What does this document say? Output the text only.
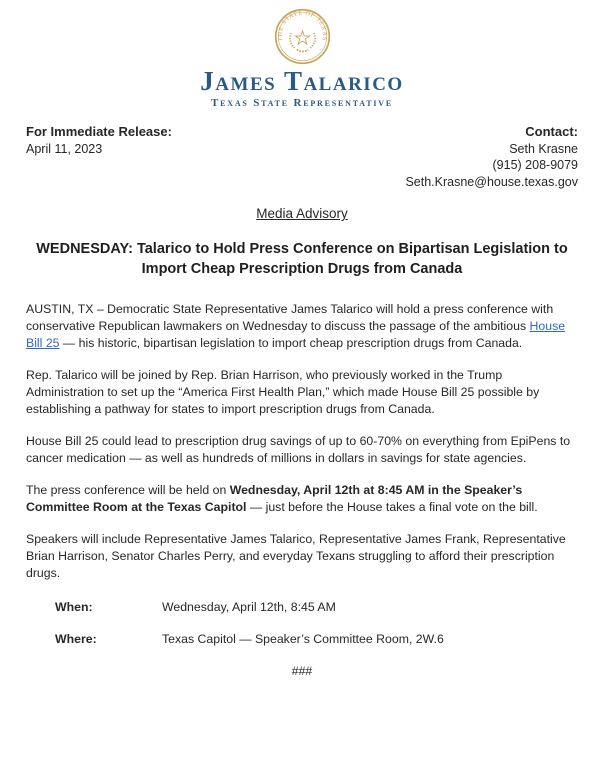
THE STATE OF TEXAS
James Talarico
Texas State Representative
For Immediate Release:
April 11, 2023
Contact:
Seth Krasne
(915) 208-9079
Seth.Krasne@house.texas.gov
Media Advisory
WEDNESDAY: Talarico to Hold Press Conference on Bipartisan Legislation to Import Cheap Prescription Drugs from Canada

AUSTIN, TX – Democratic State Representative James Talarico will hold a press conference with conservative Republican lawmakers on Wednesday to discuss the passage of the ambitious House Bill 25 — his historic, bipartisan legislation to import cheap prescription drugs from Canada.

Rep. Talarico will be joined by Rep. Brian Harrison, who previously worked in the Trump Administration to set up the “America First Health Plan,” which made House Bill 25 possible by establishing a pathway for states to import prescription drugs from Canada.

House Bill 25 could lead to prescription drug savings of up to 60-70% on everything from EpiPens to cancer medication — as well as hundreds of millions in dollars in savings for state agencies.

The press conference will be held on Wednesday, April 12th at 8:45 AM in the Speaker’s Committee Room at the Texas Capitol — just before the House takes a final vote on the bill.

Speakers will include Representative James Talarico, Representative James Frank, Representative Brian Harrison, Senator Charles Perry, and everyday Texans struggling to afford their prescription drugs.

When:	Wednesday, April 12th, 8:45 AM
Where:	Texas Capitol — Speaker’s Committee Room, 2W.6
###
